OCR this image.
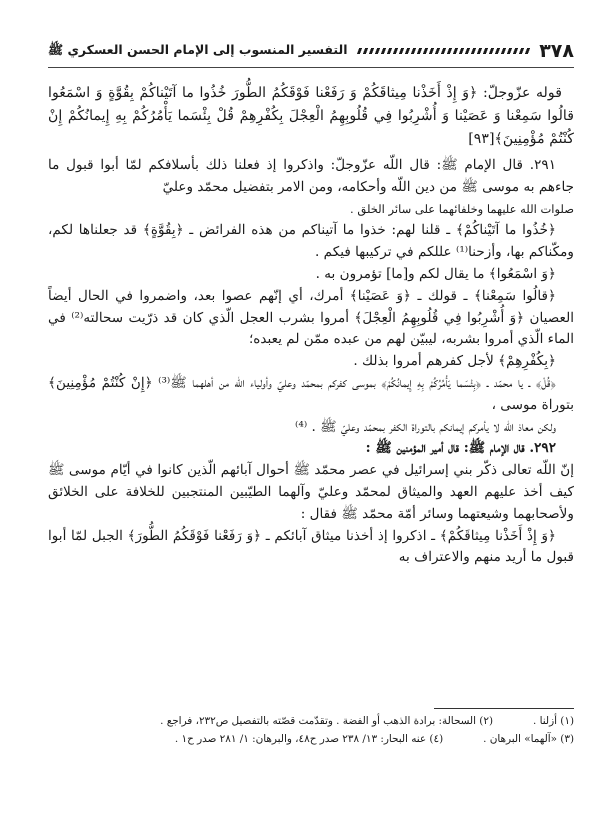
٣٧٨
التفسير المنسوب إلى الإمام الحسن العسكري ﷺ

قوله عزّوجلّ: ﴿وَ إِذْ أَخَذْنا مِيثاقَكُمْ وَ رَفَعْنا فَوْقَكُمُ الطُّورَ خُذُوا ما آتَيْناكُمْ بِقُوَّةٍ وَ اسْمَعُوا قالُوا سَمِعْنا وَ عَصَيْنا وَ أُشْرِبُوا فِي قُلُوبِهِمُ الْعِجْلَ بِكُفْرِهِمْ قُلْ بِئْسَما يَأْمُرُكُمْ بِهِ إِيمانُكُمْ إِنْ كُنْتُمْ مُؤْمِنِينَ﴾[٩٣]

٢٩١. قال الإمام ﷺ: قال اللّه عزّوجلّ: واذكروا إذ فعلنا ذلك بأسلافكم لمّا أبوا قبول ما جاءهم به موسى ﷺ من دين اللّه وأحكامه، ومن الامر بتفضيل محمّد وعليّ

صلوات الله عليهما وخلفائهما على سائر الخلق .

﴿خُذُوا ما آتَيْناكُمْ﴾ ـ قلنا لهم: خذوا ما آتيناكم من هذه الفرائض ـ ﴿بِقُوَّةٍ﴾ قد جعلناها لكم، ومكّناكم بها، وأزحنا⁽¹⁾ عللكم في تركيبها فيكم .

﴿وَ اسْمَعُوا﴾ ما يقال لكم و[ما] تؤمرون به .

﴿قالُوا سَمِعْنا﴾ ـ قولك ـ ﴿وَ عَصَيْنا﴾ أمرك، أي إنّهم عصوا بعد، واضمروا في الحال أيضاً العصيان ﴿وَ أُشْرِبُوا فِي قُلُوبِهِمُ الْعِجْلَ﴾ أمروا بشرب العجل الّذي كان قد ذرّيت سحالته⁽²⁾ في الماء الّذي أمروا بشربه، ليبيّن لهم من عبده ممّن لم يعبده؛

﴿بِكُفْرِهِمْ﴾ لأجل كفرهم أمروا بذلك .

﴿قُلْ﴾ ـ يا محمّد ـ ﴿بِئْسَما يَأْمُرُكُمْ بِهِ إِيمانُكُمْ﴾ بموسى كفركم بمحمّد وعليّ وأولياء اللّه من أهلهما ﷺ⁽³⁾ ﴿إِنْ كُنْتُمْ مُؤْمِنِينَ﴾ بتوراة موسى ،

ولكن معاذ اللّه لا يأمركم إيمانكم بالتوراة الكفر بمحمّد وعليّ ﷺ . ⁽⁴⁾

٢٩٢. قال الإمام ﷺ: قال أمير المؤمنين ﷺ :

إنّ اللّه تعالى ذكّر بني إسرائيل في عصر محمّد ﷺ أحوال آبائهم الّذين كانوا في أيّام موسى ﷺ كيف أخذ عليهم العهد والميثاق لمحمّد وعليّ وآلهما الطيّبين المنتجبين للخلافة على الخلائق ولأصحابهما وشيعتهما وسائر أمّة محمّد ﷺ فقال :

﴿وَ إِذْ أَخَذْنا مِيثاقَكُمْ﴾ ـ اذكروا إذ أخذنا ميثاق آبائكم ـ ﴿وَ رَفَعْنا فَوْقَكُمُ الطُّورَ﴾ الجبل لمّا أبوا قبول ما أريد منهم والاعتراف به

(١) أزلنا .
(٢) السحالة: برادة الذهب أو الفضة . وتقدّمت قصّته بالتفصيل ص٢٣٢، فراجع .
(٣) «آلهما» البرهان .
(٤) عنه البحار: ١٣/ ٢٣٨ صدر ح٤٨، والبرهان: ١/ ٢٨١ صدر ح١ .
